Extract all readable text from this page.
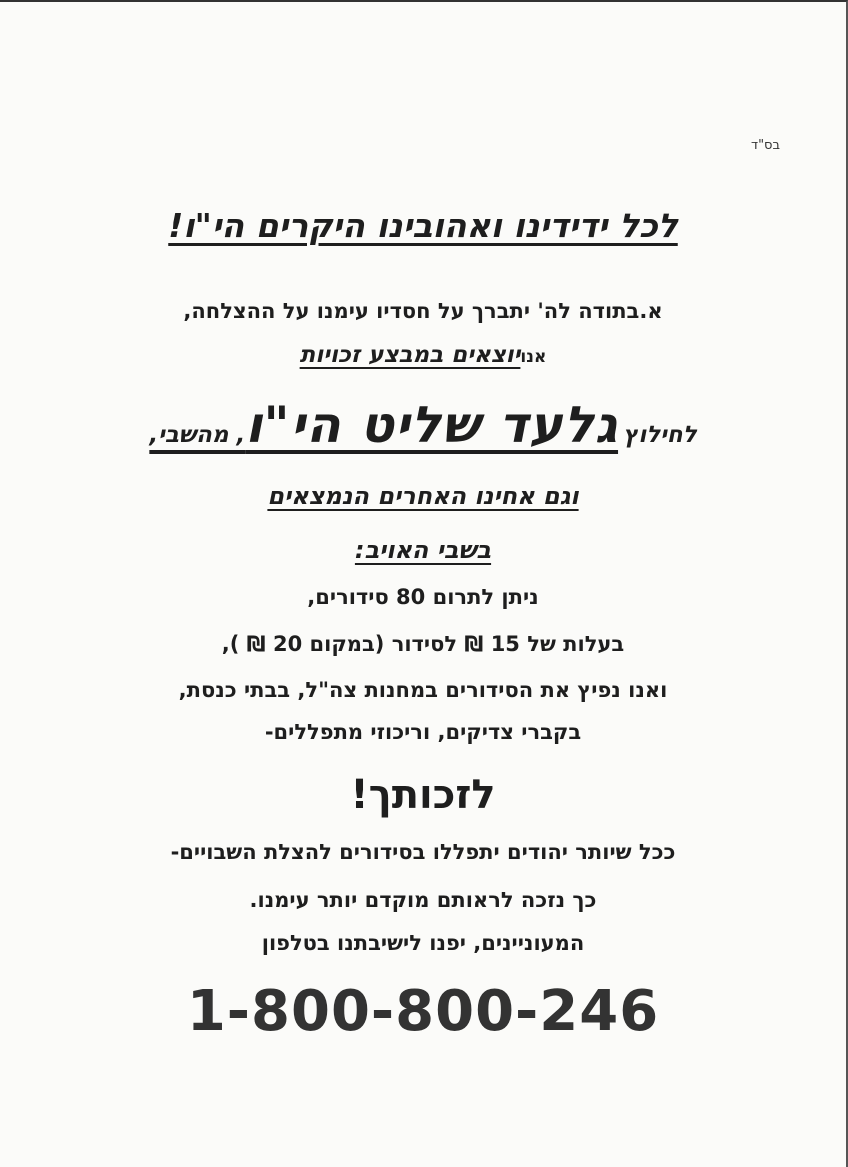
בס"ד
לכל ידידינו ואהובינו היקרים הי"ו!
א.בתודה לה' יתברך על חסדיו עימנו על ההצלחה,
אנויוצאים במבצע זכויות
לחילוץ גלעד שליט הי"ו, מהשבי,
וגם אחינו האחרים הנמצאים
בשבי האויב:
ניתן לתרום 80 סידורים,
בעלות של 15 ₪ לסידור (במקום 20 ₪ ),
ואנו נפיץ את הסידורים במחנות צה"ל, בבתי כנסת,
בקברי צדיקים, וריכוזי מתפללים-
לזכותך!
ככל שיותר יהודים יתפללו בסידורים להצלת השבויים-
כך נזכה לראותם מוקדם יותר עימנו.
המעוניינים, יפנו לישיבתנו בטלפון
1-800-800-246
